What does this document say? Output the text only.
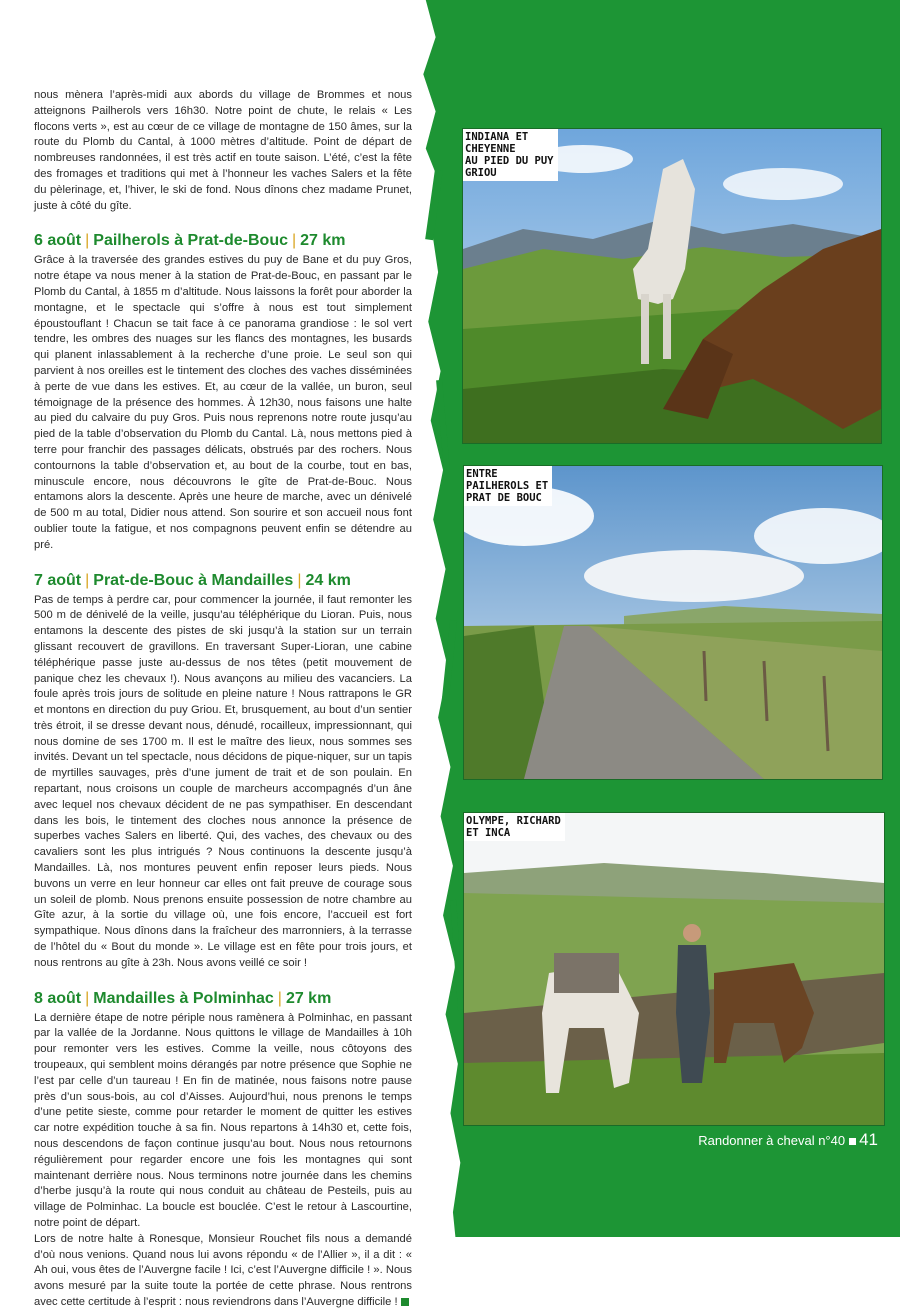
nous mènera l’après-midi aux abords du village de Brommes et nous atteignons Pailherols vers 16h30. Notre point de chute, le relais « Les flocons verts », est au cœur de ce village de montagne de 150 âmes, sur la route du Plomb du Cantal, à 1000 mètres d’altitude. Point de départ de nombreuses randonnées, il est très actif en toute saison. L’été, c’est la fête des fromages et traditions qui met à l’honneur les vaches Salers et la fête du pèlerinage, et, l’hiver, le ski de fond. Nous dînons chez madame Prunet, juste à côté du gîte.

6 août | Pailherols à Prat-de-Bouc | 27 km

Grâce à la traversée des grandes estives du puy de Bane et du puy Gros, notre étape va nous mener à la station de Prat-de-Bouc, en passant par le Plomb du Cantal, à 1855 m d’altitude. Nous laissons la forêt pour aborder la montagne, et le spectacle qui s’offre à nous est tout simplement époustouflant ! Chacun se tait face à ce panorama grandiose : le sol vert tendre, les ombres des nuages sur les flancs des montagnes, les busards qui planent inlassablement à la recherche d’une proie. Le seul son qui parvient à nos oreilles est le tintement des cloches des vaches disséminées à perte de vue dans les estives. Et, au cœur de la vallée, un buron, seul témoignage de la présence des hommes. À 12h30, nous faisons une halte au pied du calvaire du puy Gros. Puis nous reprenons notre route jusqu’au pied de la table d’observation du Plomb du Cantal. Là, nous mettons pied à terre pour franchir des passages délicats, obstrués par des rochers. Nous contournons la table d’observation et, au bout de la courbe, tout en bas, minuscule encore, nous découvrons le gîte de Prat-de-Bouc. Nous entamons alors la descente. Après une heure de marche, avec un dénivelé de 500 m au total, Didier nous attend. Son sourire et son accueil nous font oublier toute la fatigue, et nos compagnons peuvent enfin se détendre au pré.

7 août | Prat-de-Bouc à Mandailles | 24 km

Pas de temps à perdre car, pour commencer la journée, il faut remonter les 500 m de dénivelé de la veille, jusqu’au téléphérique du Lioran. Puis, nous entamons la descente des pistes de ski jusqu’à la station sur un terrain glissant recouvert de gravillons. En traversant Super-Lioran, une cabine téléphérique passe juste au-dessus de nos têtes (petit mouvement de panique chez les chevaux !). Nous avançons au milieu des vacanciers. La foule après trois jours de solitude en pleine nature ! Nous rattrapons le GR et montons en direction du puy Griou. Et, brusquement, au bout d’un sentier très étroit, il se dresse devant nous, dénudé, rocailleux, impressionnant, qui nous domine de ses 1700 m. Il est le maître des lieux, nous sommes ses invités. Devant un tel spectacle, nous décidons de pique-niquer, sur un tapis de myrtilles sauvages, près d’une jument de trait et de son poulain. En repartant, nous croisons un couple de marcheurs accompagnés d’un âne avec lequel nos chevaux décident de ne pas sympathiser. En descendant dans les bois, le tintement des cloches nous annonce la présence de superbes vaches Salers en liberté. Qui, des vaches, des chevaux ou des cavaliers sont les plus intrigués ? Nous continuons la descente jusqu’à Mandailles. Là, nos montures peuvent enfin reposer leurs pieds. Nous buvons un verre en leur honneur car elles ont fait preuve de courage sous un soleil de plomb. Nous prenons ensuite possession de notre chambre au Gîte azur, à la sortie du village où, une fois encore, l’accueil est fort sympathique. Nous dînons dans la fraîcheur des marronniers, à la terrasse de l’hôtel du « Bout du monde ». Le village est en fête pour trois jours, et nous rentrons au gîte à 23h. Nous avons veillé ce soir !

8 août | Mandailles à Polminhac | 27 km

La dernière étape de notre périple nous ramènera à Polminhac, en passant par la vallée de la Jordanne. Nous quittons le village de Mandailles à 10h pour remonter vers les estives. Comme la veille, nous côtoyons des troupeaux, qui semblent moins dérangés par notre présence que Sophie ne l’est par celle d’un taureau ! En fin de matinée, nous faisons notre pause près d’un sous-bois, au col d’Aisses. Aujourd’hui, nous prenons le temps d’une petite sieste, comme pour retarder le moment de quitter les estives car notre expédition touche à sa fin. Nous repartons à 14h30 et, cette fois, nous descendons de façon continue jusqu’au bout. Nous nous retournons régulièrement pour regarder encore une fois les montagnes qui sont maintenant derrière nous. Nous terminons notre journée dans les chemins d’herbe jusqu’à la route qui nous conduit au château de Pesteils, puis au village de Polminhac. La boucle est bouclée. C’est le retour à Lascourtine, notre point de départ.

Lors de notre halte à Ronesque, Monsieur Rouchet fils nous a demandé d’où nous venions. Quand nous lui avons répondu « de l’Allier », il a dit : « Ah oui, vous êtes de l’Auvergne facile ! Ici, c’est l’Auvergne difficile ! ». Nous avons mesuré par la suite toute la portée de cette phrase. Nous rentrons avec cette certitude à l’esprit : nous reviendrons dans l’Auvergne difficile !

INDIANA ET
CHEYENNE
AU PIED DU PUY
GRIOU
ENTRE
PAILHEROLS ET
PRAT DE BOUC
OLYMPE, RICHARD
ET INCA
Randonner à cheval n°40 41
